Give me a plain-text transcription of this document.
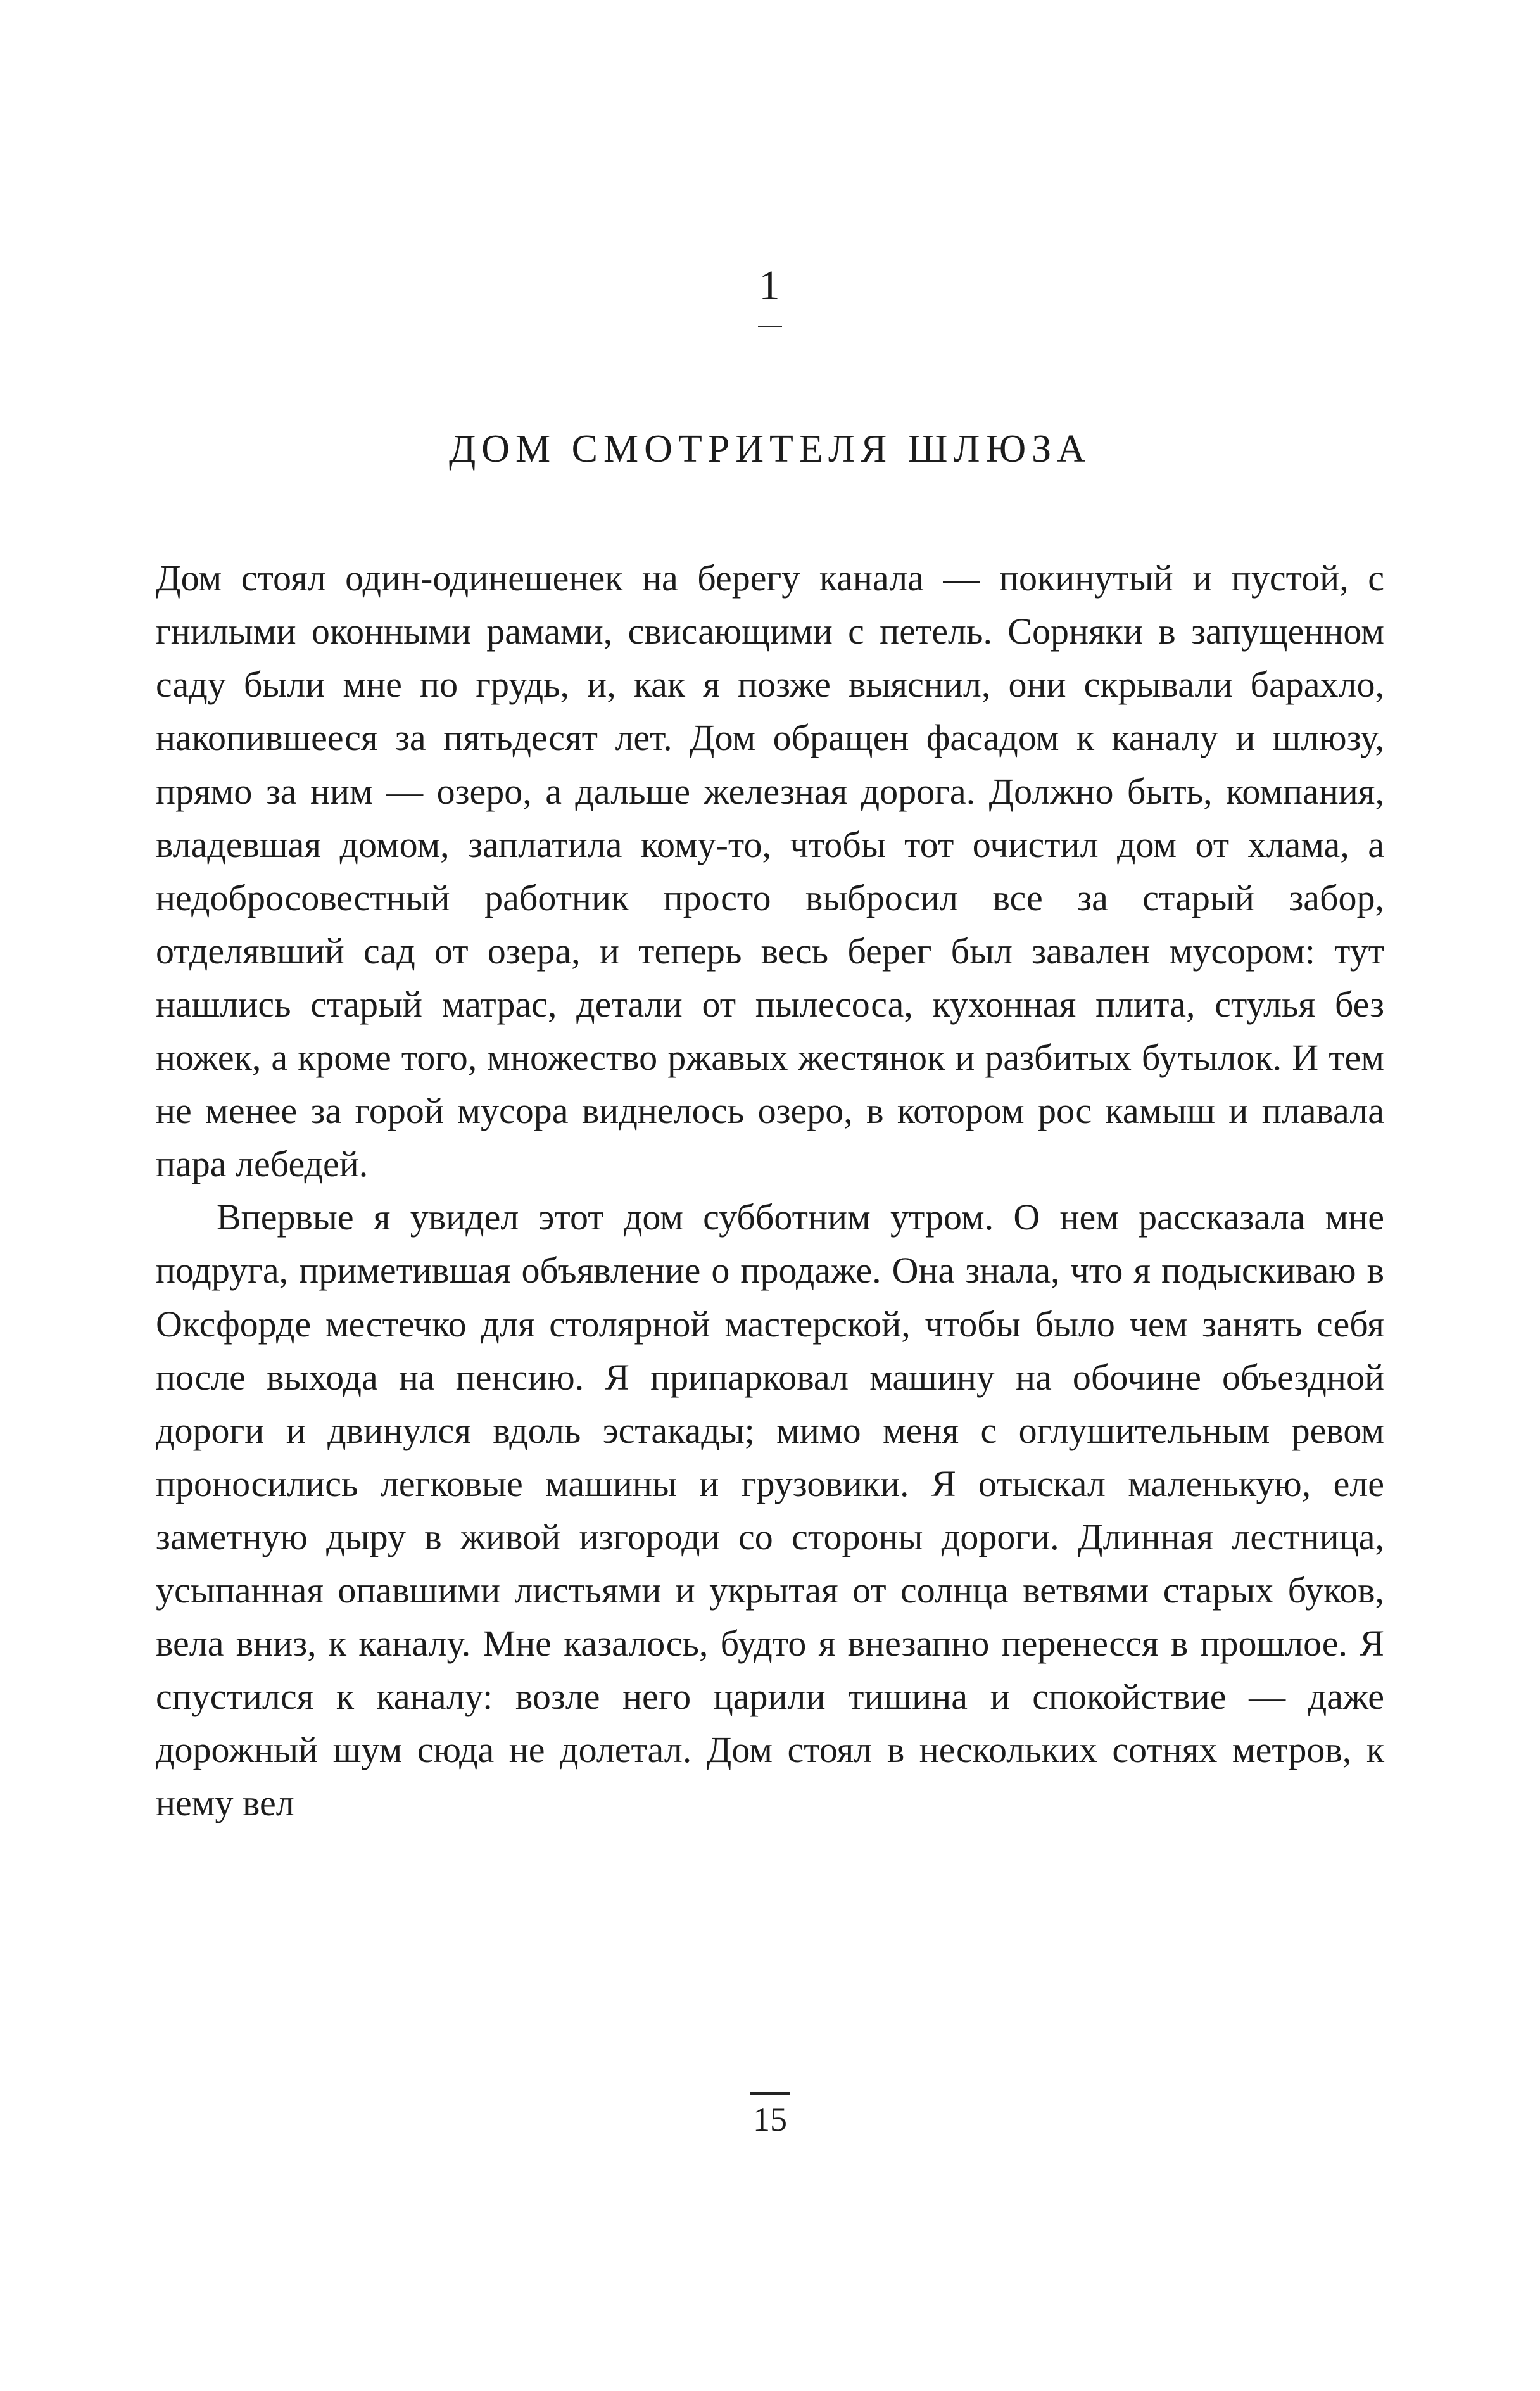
1
ДОМ СМОТРИТЕЛЯ ШЛЮЗА

Дом стоял один-одинешенек на берегу канала — покинутый и пустой, с гнилыми оконными рамами, свисающими с петель. Сорняки в запущенном саду были мне по грудь, и, как я позже выяснил, они скрывали барахло, накопившееся за пятьдесят лет. Дом обращен фасадом к каналу и шлюзу, прямо за ним — озеро, а дальше железная дорога. Должно быть, компания, владевшая домом, заплатила кому-то, чтобы тот очистил дом от хлама, а недобросовестный работник просто выбросил все за старый забор, отделявший сад от озера, и теперь весь берег был завален мусором: тут нашлись старый матрас, детали от пылесоса, кухонная плита, стулья без ножек, а кроме того, множество ржавых жестянок и разбитых бутылок. И тем не менее за горой мусора виднелось озеро, в котором рос камыш и плавала пара лебедей.

Впервые я увидел этот дом субботним утром. О нем рассказала мне подруга, приметившая объявление о продаже. Она знала, что я подыскиваю в Оксфорде местечко для столярной мастерской, чтобы было чем занять себя после выхода на пенсию. Я припарковал машину на обочине объездной дороги и двинулся вдоль эстакады; мимо меня с оглушительным ревом проносились легковые машины и грузовики. Я отыскал маленькую, еле заметную дыру в живой изгороди со стороны дороги. Длинная лестница, усыпанная опавшими листьями и укрытая от солнца ветвями старых буков, вела вниз, к каналу. Мне казалось, будто я внезапно перенесся в прошлое. Я спустился к каналу: возле него царили тишина и спокойствие — даже дорожный шум сюда не долетал. Дом стоял в нескольких сотнях метров, к нему вел

15
